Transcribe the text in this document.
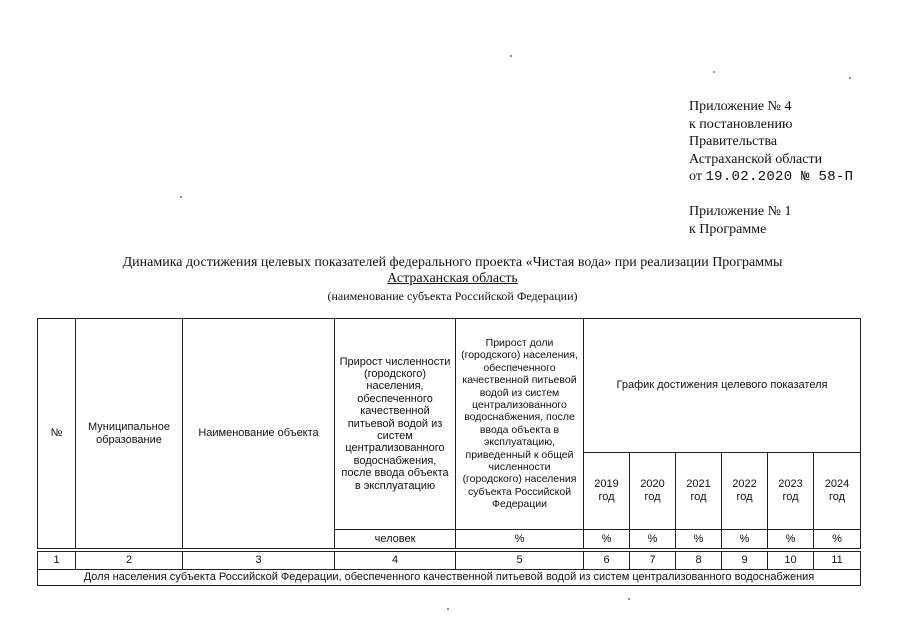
Приложение № 4
к постановлению
Правительства
Астраханской области
от 19.02.2020 № 58-П
Приложение № 1
к Программе
Динамика достижения целевых показателей федерального проекта «Чистая вода» при реализации Программы
Астраханская область
(наименование субъекта Российской Федерации)
№	Муниципальное образование	Наименование объекта	Прирост численности (городского) населения, обеспеченного качественной питьевой водой из систем централизованного водоснабжения, после ввода объекта в эксплуатацию	Прирост доли (городского) населения, обеспеченного качественной питьевой водой из систем централизованного водоснабжения, после ввода объекта в эксплуатацию, приведенный к общей численности (городского) населения субъекта Российской Федерации	График достижения целевого показателя					
					2019 год	2020 год	2021 год	2022 год	2023 год	2024 год
			человек	%	%	%	%	%	%	%

1	2	3	4	5	6	7	8	9	10	11
Доля населения субъекта Российской Федерации, обеспеченного качественной питьевой водой из систем централизованного водоснабжения										
